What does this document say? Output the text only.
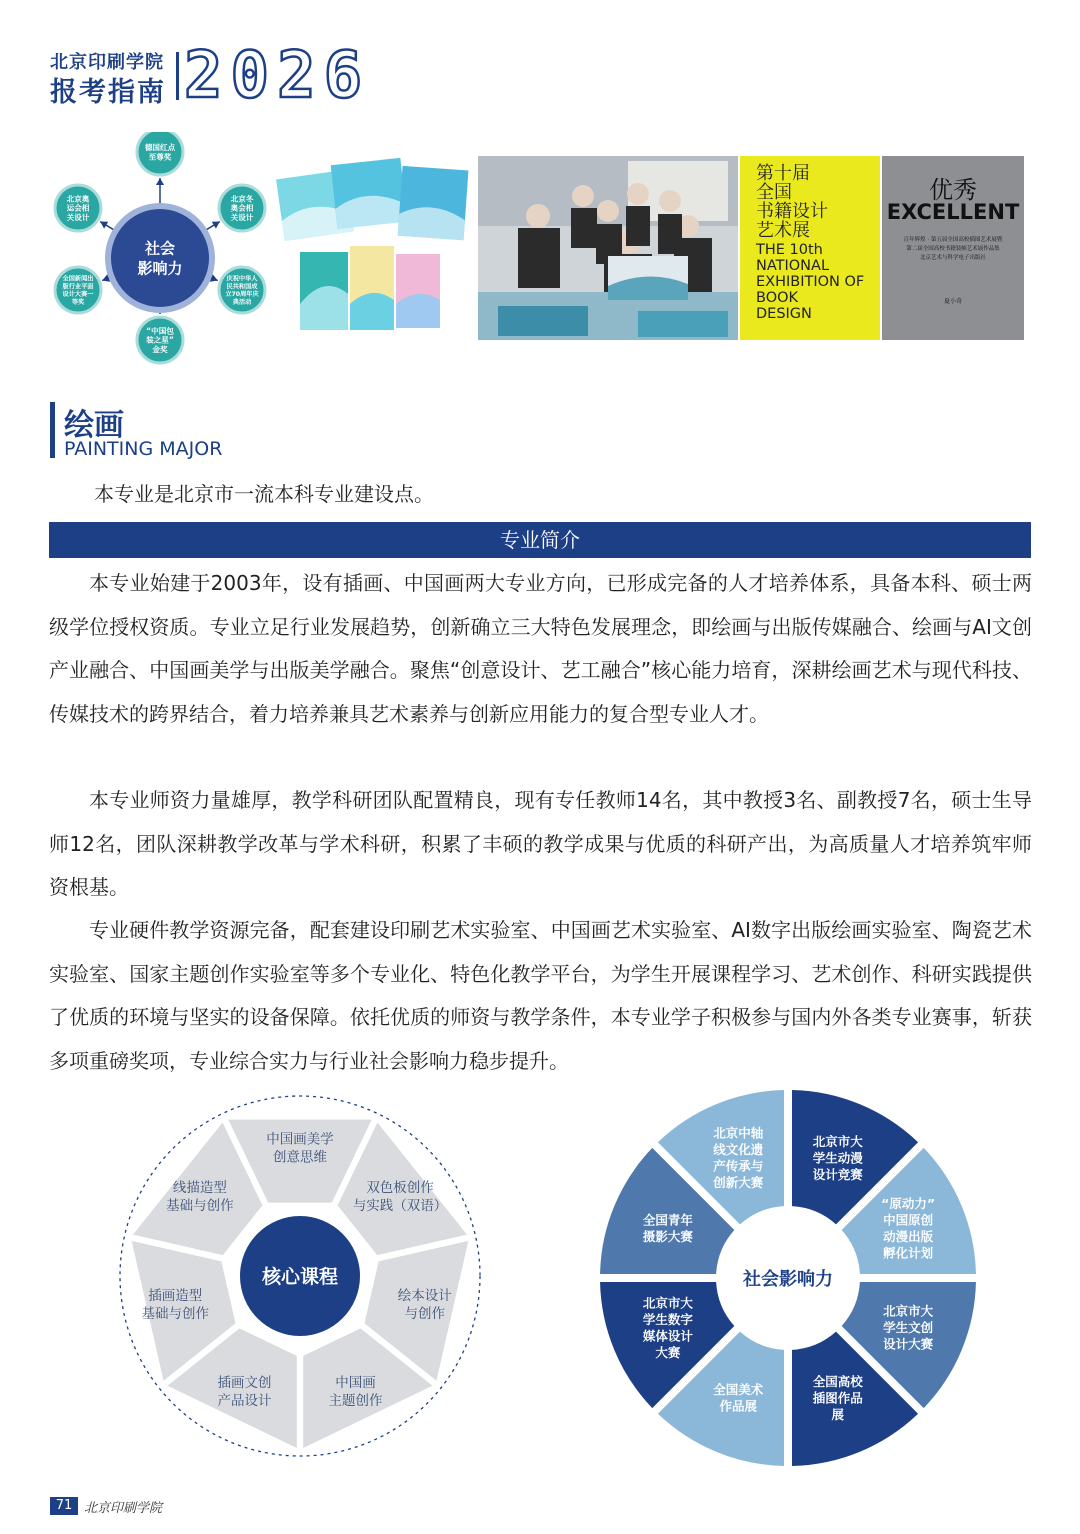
北京印刷学院
报考指南 2026
德国红点至尊奖
北京冬奥会相关设计
庆祝中华人民共和国成立70周年庆典活动
“中国包装之星”金奖
全国新闻出版行业平面设计大赛一等奖
北京奥运会相关设计
社会影响力
第十届
全国
书籍设计
艺术展
THE 10th
NATIONAL
EXHIBITION OF
BOOK
DESIGN
优秀
EXCELLENT
百年辉煌 · 第五届全国高校插图艺术展暨
第二届全国高校书籍装帧艺术展作品集
北京艺术与科学电子出版社
夏小奇
绘画
PAINTING MAJOR
本专业是北京市一流本科专业建设点。
专业简介
本专业始建于2003年，设有插画、中国画两大专业方向，已形成完备的人才培养体系，具备本科、硕士两级学位授权资质。专业立足行业发展趋势，创新确立三大特色发展理念，即绘画与出版传媒融合、绘画与AI文创产业融合、中国画美学与出版美学融合。聚焦“创意设计、艺工融合”核心能力培育，深耕绘画艺术与现代科技、传媒技术的跨界结合，着力培养兼具艺术素养与创新应用能力的复合型专业人才。
本专业师资力量雄厚，教学科研团队配置精良，现有专任教师14名，其中教授3名、副教授7名，硕士生导师12名，团队深耕教学改革与学术科研，积累了丰硕的教学成果与优质的科研产出，为高质量人才培养筑牢师资根基。
专业硬件教学资源完备，配套建设印刷艺术实验室、中国画艺术实验室、AI数字出版绘画实验室、陶瓷艺术实验室、国家主题创作实验室等多个专业化、特色化教学平台，为学生开展课程学习、艺术创作、科研实践提供了优质的环境与坚实的设备保障。依托优质的师资与教学条件，本专业学子积极参与国内外各类专业赛事，斩获多项重磅奖项，专业综合实力与行业社会影响力稳步提升。
中国画美学创意思维
双色板创作与实践（双语）
绘本设计与创作
中国画主题创作
插画文创产品设计
插画造型基础与创作
线描造型基础与创作
核心课程
北京市大学生动漫设计竞赛
“原动力”中国原创动漫出版孵化计划
北京市大学生文创设计大赛
全国高校插图作品展
全国美术作品展
北京市大学生数字媒体设计大赛
全国青年摄影大赛
北京中轴线文化遗产传承与创新大赛
社会影响力
71 北京印刷学院
